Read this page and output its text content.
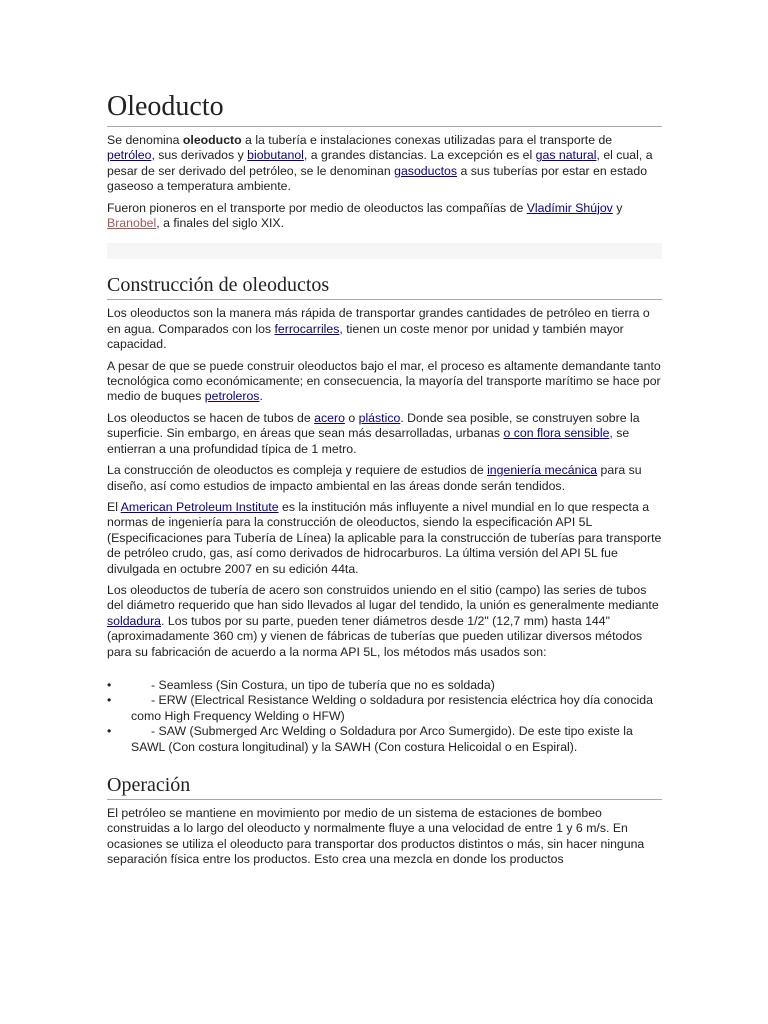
Oleoducto

Se denomina oleoducto a la tubería e instalaciones conexas utilizadas para el transporte de petróleo, sus derivados y biobutanol, a grandes distancias. La excepción es el gas natural, el cual, a pesar de ser derivado del petróleo, se le denominan gasoductos a sus tuberías por estar en estado gaseoso a temperatura ambiente.

Fueron pioneros en el transporte por medio de oleoductos las compañías de Vladímir Shújov y Branobel, a finales del siglo XIX.

Construcción de oleoductos

Los oleoductos son la manera más rápida de transportar grandes cantidades de petróleo en tierra o en agua. Comparados con los ferrocarriles, tienen un coste menor por unidad y también mayor capacidad.

A pesar de que se puede construir oleoductos bajo el mar, el proceso es altamente demandante tanto tecnológica como económicamente; en consecuencia, la mayoría del transporte marítimo se hace por medio de buques petroleros.

Los oleoductos se hacen de tubos de acero o plástico. Donde sea posible, se construyen sobre la superficie. Sin embargo, en áreas que sean más desarrolladas, urbanas o con flora sensible, se entierran a una profundidad típica de 1 metro.

La construcción de oleoductos es compleja y requiere de estudios de ingeniería mecánica para su diseño, así como estudios de impacto ambiental en las áreas donde serán tendidos.

El American Petroleum Institute es la institución más influyente a nivel mundial en lo que respecta a normas de ingeniería para la construcción de oleoductos, siendo la especificación API 5L (Especificaciones para Tubería de Línea) la aplicable para la construcción de tuberías para transporte de petróleo crudo, gas, así como derivados de hidrocarburos. La última versión del API 5L fue divulgada en octubre 2007 en su edición 44ta.

Los oleoductos de tubería de acero son construidos uniendo en el sitio (campo) las series de tubos del diámetro requerido que han sido llevados al lugar del tendido, la unión es generalmente mediante soldadura. Los tubos por su parte, pueden tener diámetros desde 1/2" (12,7 mm) hasta 144" (aproximadamente 360 cm) y vienen de fábricas de tuberías que pueden utilizar diversos métodos para su fabricación de acuerdo a la norma API 5L, los métodos más usados son:

•	- Seamless (Sin Costura, un tipo de tubería que no es soldada)
•	- ERW (Electrical Resistance Welding o soldadura por resistencia eléctrica hoy día conocida como High Frequency Welding o HFW)
•	- SAW (Submerged Arc Welding o Soldadura por Arco Sumergido). De este tipo existe la SAWL (Con costura longitudinal) y la SAWH (Con costura Helicoidal o en Espiral).
Operación

El petróleo se mantiene en movimiento por medio de un sistema de estaciones de bombeo construidas a lo largo del oleoducto y normalmente fluye a una velocidad de entre 1 y 6 m/s. En ocasiones se utiliza el oleoducto para transportar dos productos distintos o más, sin hacer ninguna separación física entre los productos. Esto crea una mezcla en donde los productos
